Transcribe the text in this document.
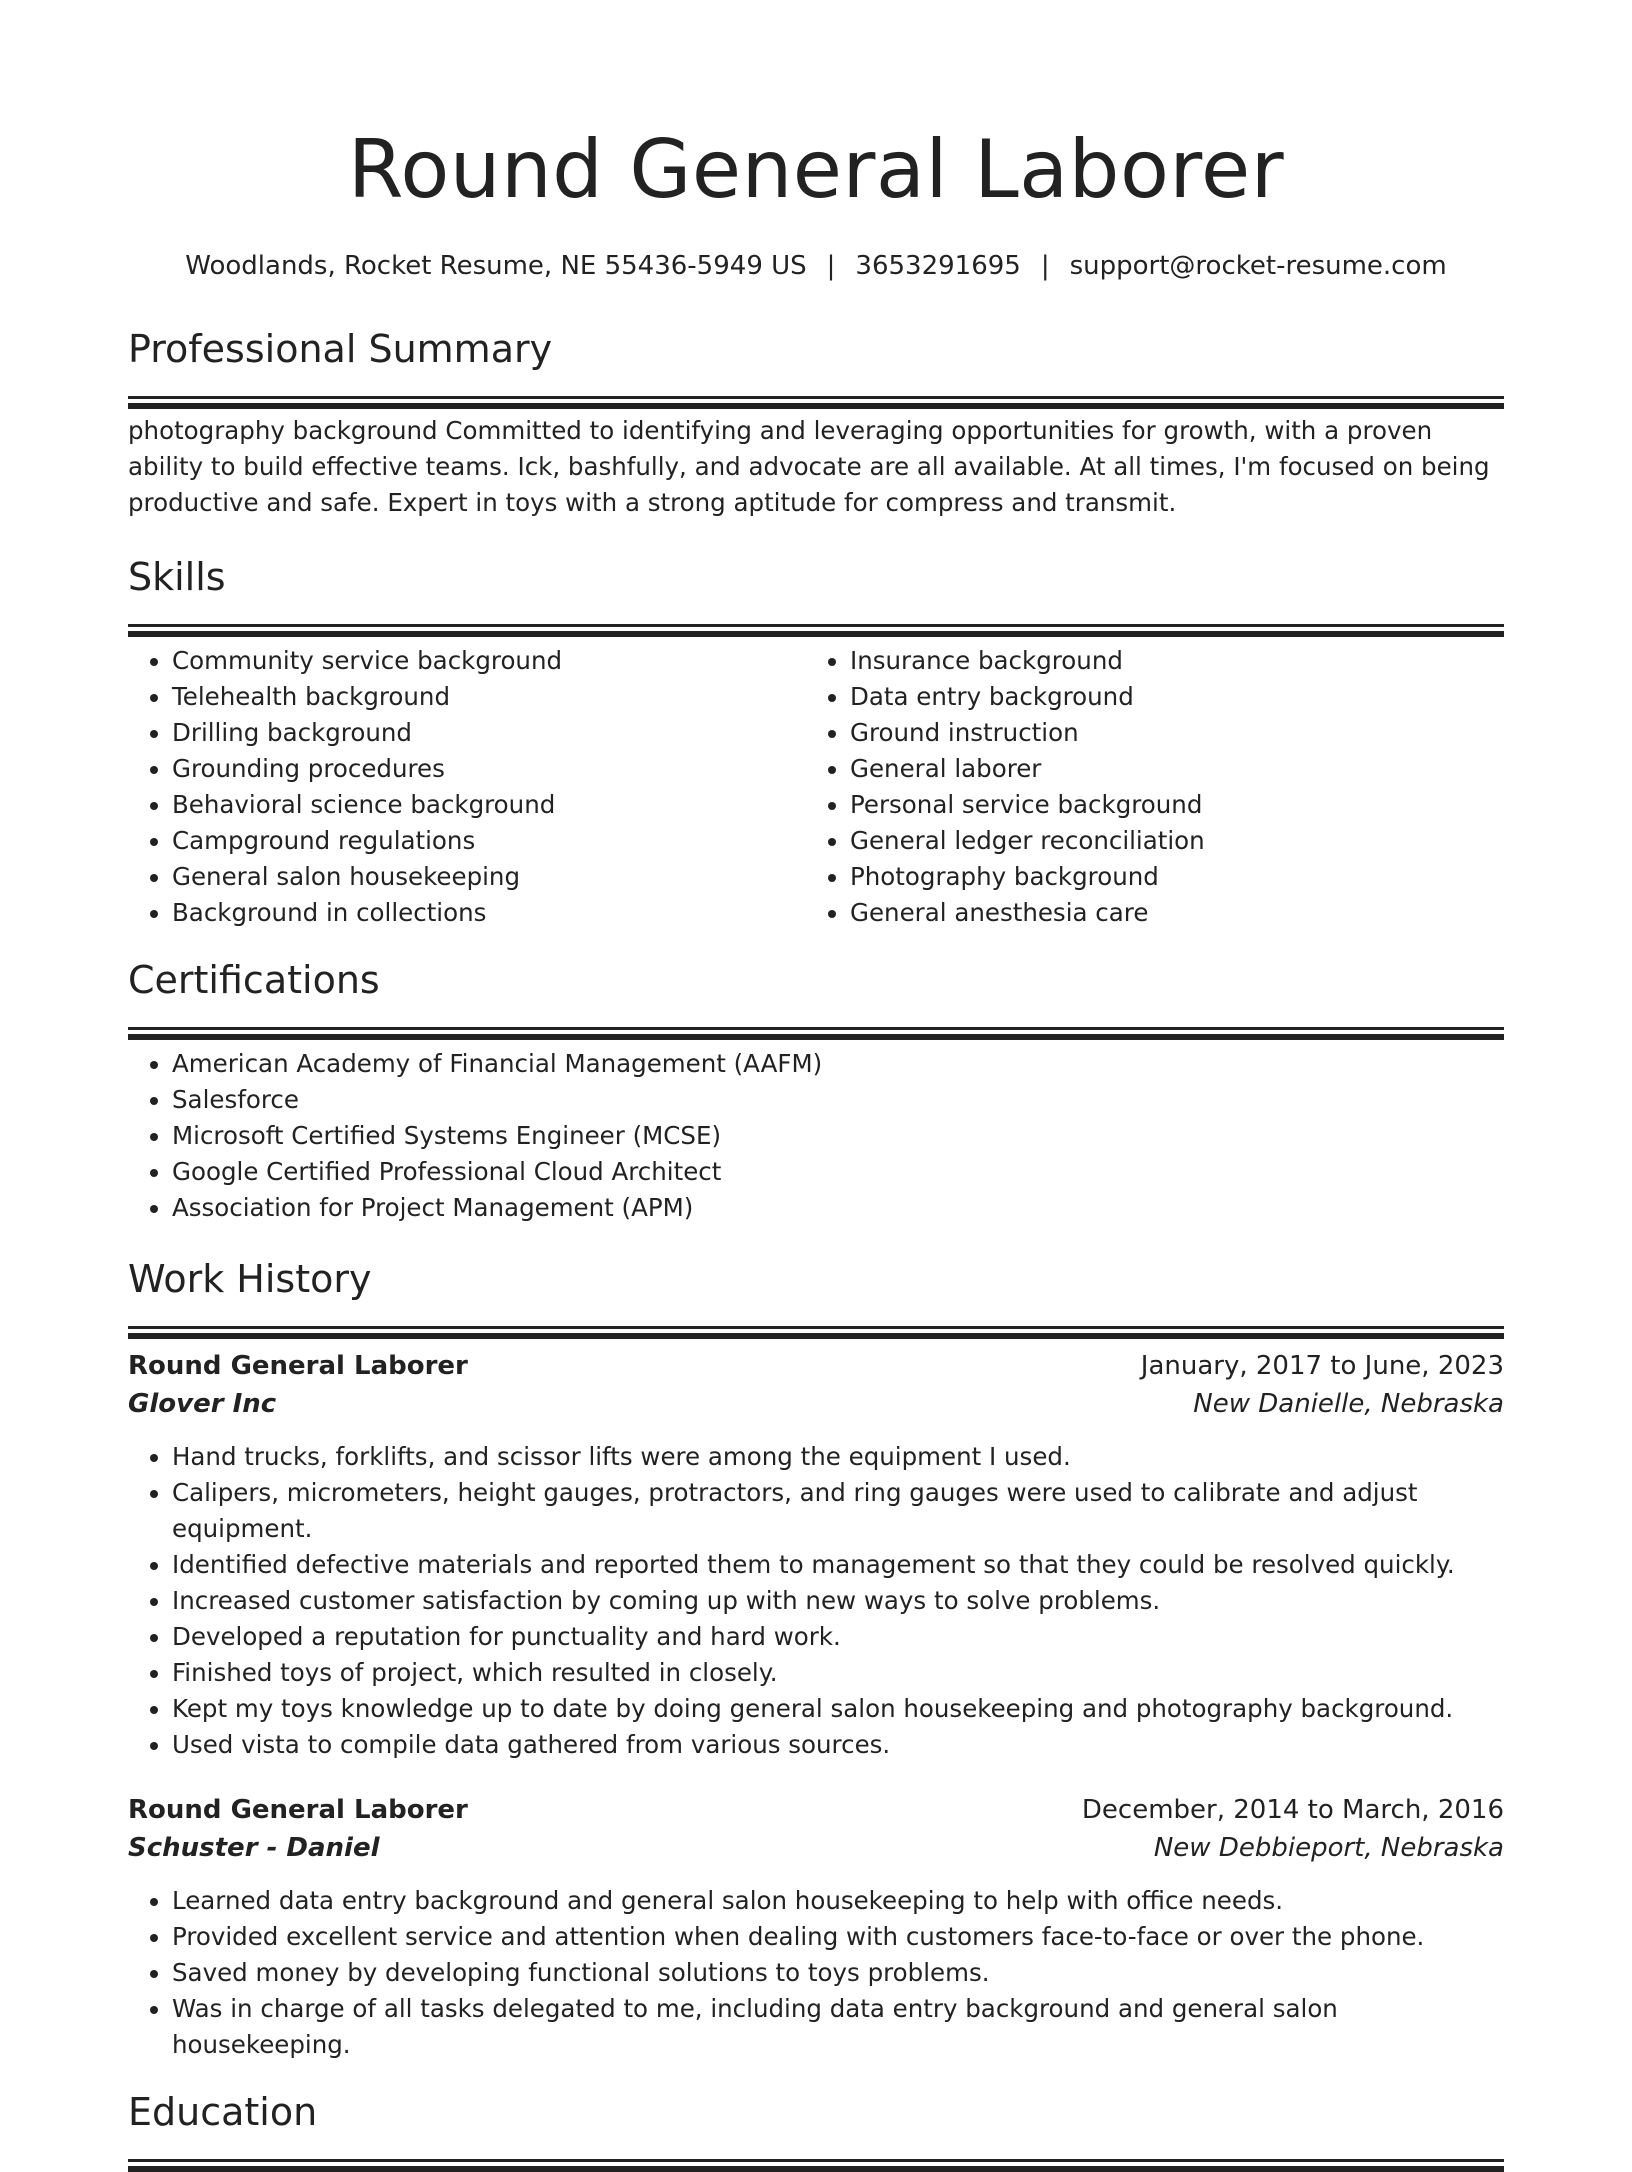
Round General Laborer
Woodlands, Rocket Resume, NE 55436-5949 US | 3653291695 | support@rocket-resume.com
Professional Summary

photography background Committed to identifying and leveraging opportunities for growth, with a proven ability to build effective teams. Ick, bashfully, and advocate are all available. At all times, I'm focused on being productive and safe. Expert in toys with a strong aptitude for compress and transmit.

Skills
• Community service background
• Telehealth background
• Drilling background
• Grounding procedures
• Behavioral science background
• Campground regulations
• General salon housekeeping
• Background in collections
• Insurance background
• Data entry background
• Ground instruction
• General laborer
• Personal service background
• General ledger reconciliation
• Photography background
• General anesthesia care
Certifications
• American Academy of Financial Management (AAFM)
• Salesforce
• Microsoft Certified Systems Engineer (MCSE)
• Google Certified Professional Cloud Architect
• Association for Project Management (APM)
Work History
Round General Laborer	January, 2017 to June, 2023
Glover Inc	New Danielle, Nebraska
• Hand trucks, forklifts, and scissor lifts were among the equipment I used.
• Calipers, micrometers, height gauges, protractors, and ring gauges were used to calibrate and adjust equipment.
• Identified defective materials and reported them to management so that they could be resolved quickly.
• Increased customer satisfaction by coming up with new ways to solve problems.
• Developed a reputation for punctuality and hard work.
• Finished toys of project, which resulted in closely.
• Kept my toys knowledge up to date by doing general salon housekeeping and photography background.
• Used vista to compile data gathered from various sources.
Round General Laborer	December, 2014 to March, 2016
Schuster - Daniel	New Debbieport, Nebraska
• Learned data entry background and general salon housekeeping to help with office needs.
• Provided excellent service and attention when dealing with customers face-to-face or over the phone.
• Saved money by developing functional solutions to toys problems.
• Was in charge of all tasks delegated to me, including data entry background and general salon housekeeping.
Education
